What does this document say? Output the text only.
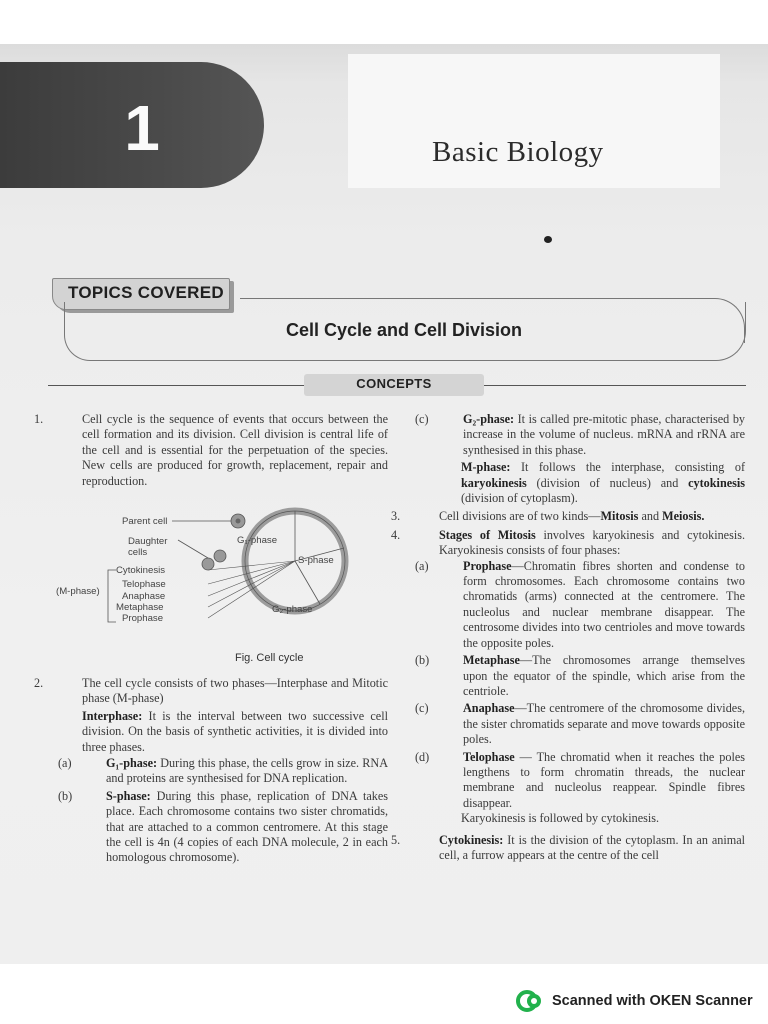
1	Basic Biology
TOPICS COVERED
Cell Cycle and Cell Division
CONCEPTS

1.	Cell cycle is the sequence of events that occurs between the cell formation and its division. Cell division is central life of the cell and is essential for the perpetuation of the species. New cells are produced for growth, replacement, repair and reproduction.

Parent cell
Daughter
cells
G₁-phase
S-phase
G₂-phase
(M-phase)
Cytokinesis
Telophase
Anaphase
Metaphase
Prophase
Fig. Cell cycle

2.	The cell cycle consists of two phases—Interphase and Mitotic phase (M-phase)

Interphase: It is the interval between two successive cell division. On the basis of synthetic activities, it is divided into three phases.

(a)	G₁-phase: During this phase, the cells grow in size. RNA and proteins are synthesised for DNA replication.

(b)	S-phase: During this phase, replication of DNA takes place. Each chromosome contains two sister chromatids, that are attached to a common centromere. At this stage the cell is 4n (4 copies of each DNA molecule, 2 in each homologous chromosome).

(c)	G₂-phase: It is called pre-mitotic phase, characterised by increase in the volume of nucleus. mRNA and rRNA are synthesised in this phase.

M-phase: It follows the interphase, consisting of karyokinesis (division of nucleus) and cytokinesis (division of cytoplasm).

3.	Cell divisions are of two kinds—Mitosis and Meiosis.

4.	Stages of Mitosis involves karyokinesis and cytokinesis. Karyokinesis consists of four phases:

(a)	Prophase—Chromatin fibres shorten and condense to form chromosomes. Each chromosome contains two chromatids (arms) connected at the centromere. The nucleolus and nuclear membrane disappear. The centrosome divides into two centrioles and move towards the opposite poles.

(b)	Metaphase—The chromosomes arrange themselves upon the equator of the spindle, which arise from the centriole.

(c)	Anaphase—The centromere of the chromosome divides, the sister chromatids separate and move towards opposite poles.

(d)	Telophase — The chromatid when it reaches the poles lengthens to form chromatin threads, the nuclear membrane and nucleolus reappear. Spindle fibres disappear.

Karyokinesis is followed by cytokinesis.

5.	Cytokinesis: It is the division of the cytoplasm. In an animal cell, a furrow appears at the centre of the cell

Scanned with OKEN Scanner
